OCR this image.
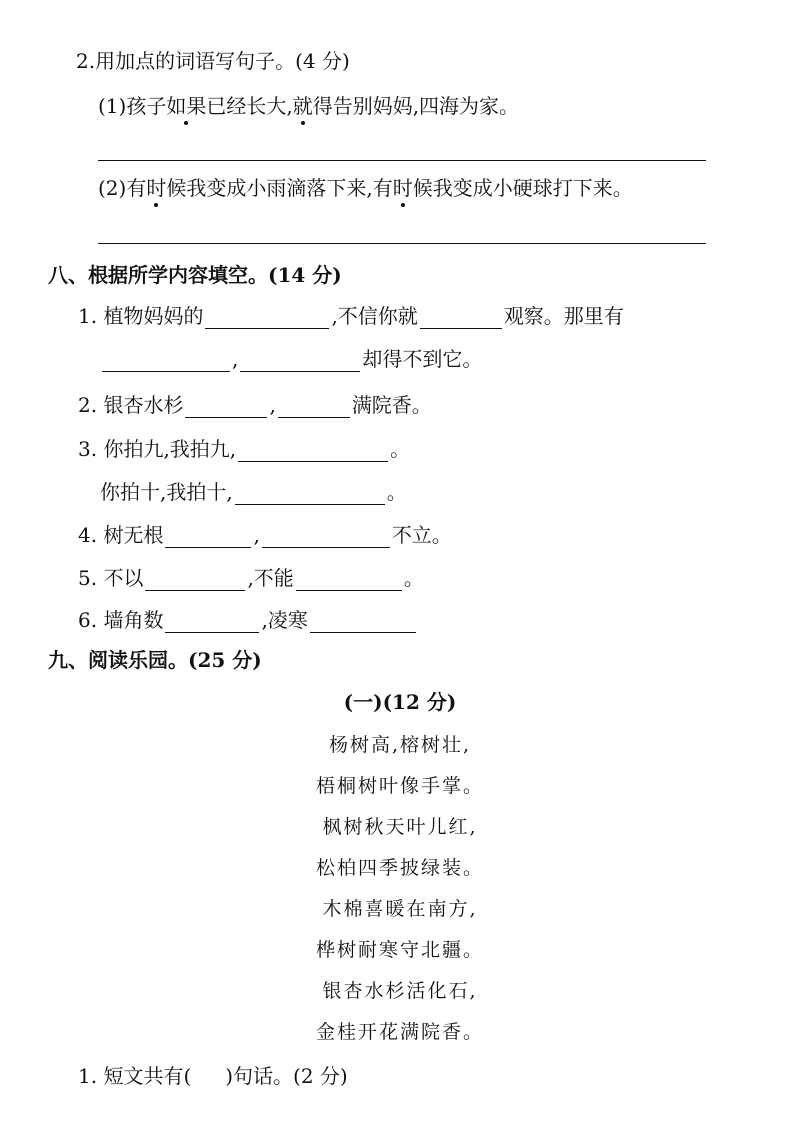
2.用加点的词语写句子。(4 分)
(1)孩子如果已经长大,就得告别妈妈,四海为家。
(2)有时候我变成小雨滴落下来,有时候我变成小硬球打下来。
八、根据所学内容填空。(14 分)
1. 植物妈妈的	,不信你就	观察。那里有
,	却得不到它。
2. 银杏水杉	,	满院香。
3. 你拍九,我拍九,	。
你拍十,我拍十,	。
4. 树无根	,	不立。
5. 不以	,不能	。
6. 墙角数	,凌寒
九、阅读乐园。(25 分)
(一)(12 分)
杨树高,榕树壮,
梧桐树叶像手掌。
枫树秋天叶儿红,
松柏四季披绿装。
木棉喜暖在南方,
桦树耐寒守北疆。
银杏水杉活化石,
金桂开花满院香。
1. 短文共有( )句话。(2 分)
